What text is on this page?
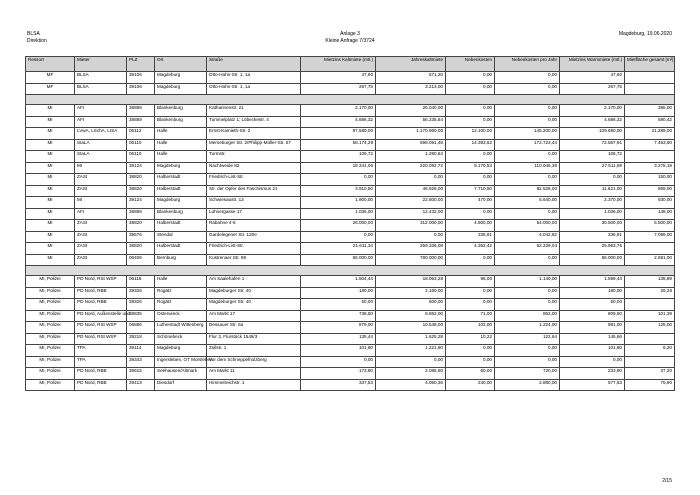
BLSA
Direktion
Anlage 3
Kleine Anfrage 7/3724
Magdeburg, 19.06.2020
Ressort	Mieter	PLZ	Ort	Straße	Mietzins Kaltmiete (mtl.)	Jahreskaltmiete	Nebenkosten	Nebenkosten pro Jahr	Mietzins Warmmiete (mtl.)	Mietfläche gesamt [m²]
MF	BLSA	39106	Magdeburg	Otto-Hahn-Str. 1, 1a	47,60	571,20	0,00	0,00	47,60	
MF	BLSA	39106	Magdeburg	Otto-Hahn-Str. 1, 1a	267,75	3.213,00	0,00	0,00	267,75	

MI	AFI	38889	Blankenburg	Katharinenstr. 21	2.170,00	26.040,00	0,00	0,00	2.170,00	385,00
MI	AFI	38889	Blankenburg	Tummelplatz 1; Löbeckestr. 4	4.686,32	56.235,84	0,00	0,00	4.686,32	590,42
MI	LVwA, LSchA, LISA	06112	Halle	Ernst-Kamieth-Str. 2	97.580,00	1.170.960,00	12.100,00	145.200,00	109.680,00	21.289,00
MI	StaLA	06110	Halle	Merseburger Str. 2/Philipp-Müller-Str. 57	58.174,29	698.091,48	14.393,62	172.723,44	72.567,91	7.453,60
MI	StaLA	06110	Halle	Turmstr.	106,72	1.280,64	0,00	0,00	106,72	
MI	MI	39124	Magdeburg	Nachtweide 82	18.341,06	220.092,72	9.170,53	110.046,36	27.511,59	3.275,19
MI	ZASt	38820	Halberstadt	Friedrich-List-Str.	0,00	0,00	0,00	0,00	0,00	150,00
MI	ZASt	38820	Halberstadt	Str. der Opfer des Faschismus 21	3.910,50	46.926,00	7.710,50	92.526,00	11.621,00	869,00
MI	MI	39124	Magdeburg	Schwiesaustr. 13	1.900,00	22.800,00	470,00	5.640,00	2.370,00	930,00
MI	AFI	38889	Blankenburg	Lühnergasse 17	1.036,00	12.432,00	0,00	0,00	1.036,00	148,00
MI	ZASt	38820	Halberstadt	Rabahne 4-6	26.000,00	312.000,00	4.500,00	54.000,00	30.500,00	6.500,00
MI	ZASt	39576	Stendal	Gardelegener Str. 120e	0,00	0,00	336,91	4.042,92	336,91	7.099,00
MI	ZASt	38820	Halberstadt	Friedrich-List-Str.	21.611,34	259.336,08	4.352,42	52.229,04	25.963,76	
MI	ZASt	06406	Bernburg	Kustrenaer Str. 98	65.000,00	780.000,00	0,00	0,00	65.000,00	2.681,00

MI, Polizei	PD Nord, RSt WSP	06118	Halle	Am Saalehafen 1	1.504,44	18.053,28	95,00	1.140,00	1.599,44	135,89
MI, Polizei	PD Nord, RBB	39326	Rogätz	Magdeburger Str. 40	180,00	2.160,00	0,00	0,00	180,00	25,26
MI, Polizei	PD Nord, RBB	39326	Rogätz	Magdeburger Str. 40	50,00	600,00	0,00	0,00	50,00	
MI, Polizei	PD Nord, Außenstelle und	38835	Osterwieck	Am Markt 17	738,50	8.862,00	71,00	852,00	809,50	101,39
MI, Polizei	PD Nord, RSt WSP	06886	Lutherstadt Wittenberg	Dessauer Str. 6a	879,00	10.548,00	102,00	1.224,00	981,00	125,00
MI, Polizei	PD Nord, RSt WSP	39218	Schönebeck	Flur 3, Flurstück 1548/3	135,44	1.625,28	10,22	122,64	145,66	
MI, Polizei	TPA	39114	Magdeburg	Zollstr. 1	101,80	1.221,60	0,00	0,00	101,80	6,20
MI, Polizei	TPA	39343	Ingersleben, OT Morsleben	Vor dem Schneppelholzberg	0,00	0,00	0,00	0,00	0,00	
MI, Polizei	PD Nord, RBB	39615	Seehausen/Altmark	Am Markt 11	173,80	2.085,60	60,00	720,00	233,80	37,20
MI, Polizei	PD Nord, RBB	29413	Diesdorf	Himmelreichstr. 1	337,53	4.050,36	240,00	2.880,00	577,53	75,90
2/15
